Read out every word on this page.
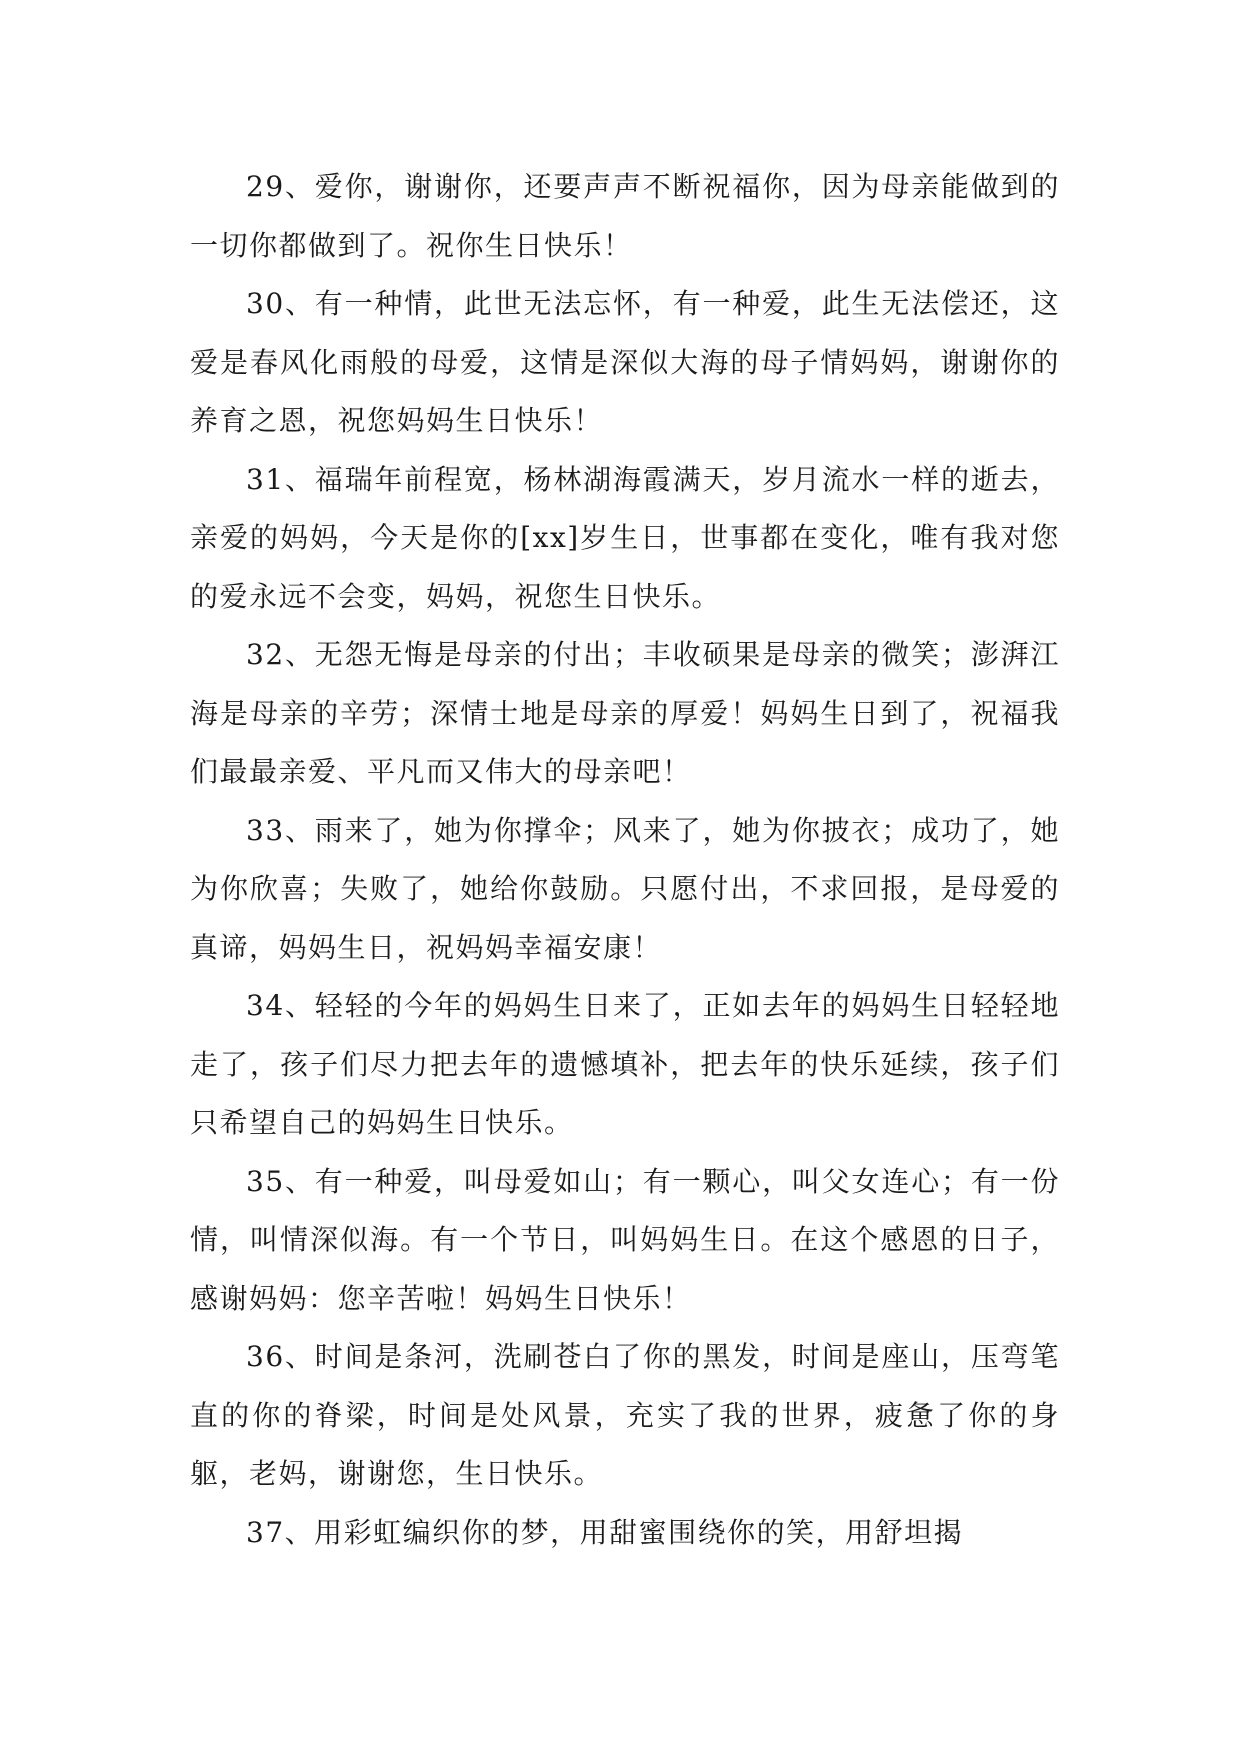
29、爱你，谢谢你，还要声声不断祝福你，因为母亲能做到的一切你都做到了。祝你生日快乐！

30、有一种情，此世无法忘怀，有一种爱，此生无法偿还，这爱是春风化雨般的母爱，这情是深似大海的母子情妈妈，谢谢你的养育之恩，祝您妈妈生日快乐！

31、福瑞年前程宽，杨林湖海霞满天，岁月流水一样的逝去，亲爱的妈妈，今天是你的[xx]岁生日，世事都在变化，唯有我对您的爱永远不会变，妈妈，祝您生日快乐。

32、无怨无悔是母亲的付出；丰收硕果是母亲的微笑；澎湃江海是母亲的辛劳；深情士地是母亲的厚爱！妈妈生日到了，祝福我们最最亲爱、平凡而又伟大的母亲吧！

33、雨来了，她为你撑伞；风来了，她为你披衣；成功了，她为你欣喜；失败了，她给你鼓励。只愿付出，不求回报，是母爱的真谛，妈妈生日，祝妈妈幸福安康！

34、轻轻的今年的妈妈生日来了，正如去年的妈妈生日轻轻地走了，孩子们尽力把去年的遗憾填补，把去年的快乐延续，孩子们只希望自己的妈妈生日快乐。

35、有一种爱，叫母爱如山；有一颗心，叫父女连心；有一份情，叫情深似海。有一个节日，叫妈妈生日。在这个感恩的日子，感谢妈妈：您辛苦啦！妈妈生日快乐！

36、时间是条河，洗刷苍白了你的黑发，时间是座山，压弯笔直的你的脊梁，时间是处风景，充实了我的世界，疲惫了你的身躯，老妈，谢谢您，生日快乐。

37、用彩虹编织你的梦，用甜蜜围绕你的笑，用舒坦揭
